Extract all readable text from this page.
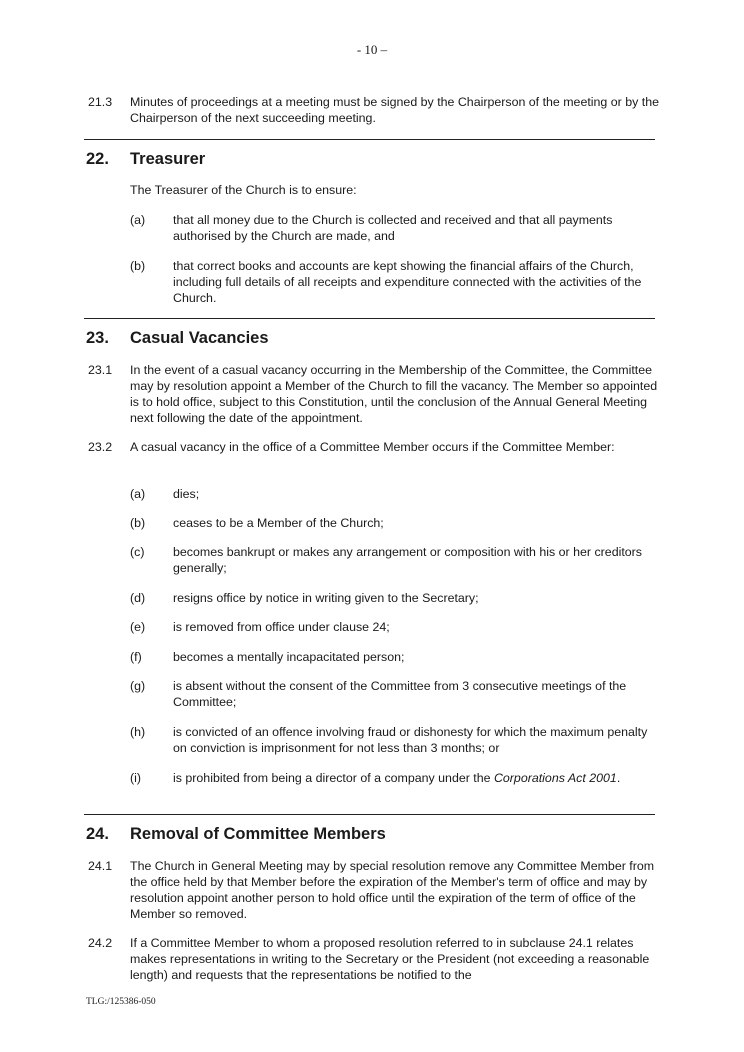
- 10 –
21.3 Minutes of proceedings at a meeting must be signed by the Chairperson of the meeting or by the Chairperson of the next succeeding meeting.
22. Treasurer
The Treasurer of the Church is to ensure:
(a) that all money due to the Church is collected and received and that all payments authorised by the Church are made, and
(b) that correct books and accounts are kept showing the financial affairs of the Church, including full details of all receipts and expenditure connected with the activities of the Church.
23. Casual Vacancies
23.1 In the event of a casual vacancy occurring in the Membership of the Committee, the Committee may by resolution appoint a Member of the Church to fill the vacancy. The Member so appointed is to hold office, subject to this Constitution, until the conclusion of the Annual General Meeting next following the date of the appointment.
23.2 A casual vacancy in the office of a Committee Member occurs if the Committee Member:
(a) dies;
(b) ceases to be a Member of the Church;
(c) becomes bankrupt or makes any arrangement or composition with his or her creditors generally;
(d) resigns office by notice in writing given to the Secretary;
(e) is removed from office under clause 24;
(f)	becomes a mentally incapacitated person;
(g) is absent without the consent of the Committee from 3 consecutive meetings of the Committee;
(h) is convicted of an offence involving fraud or dishonesty for which the maximum penalty on conviction is imprisonment for not less than 3 months; or
(i)	is prohibited from being a director of a company under the Corporations Act 2001.
24. Removal of Committee Members
24.1 The Church in General Meeting may by special resolution remove any Committee Member from the office held by that Member before the expiration of the Member's term of office and may by resolution appoint another person to hold office until the expiration of the term of office of the Member so removed.
24.2 If a Committee Member to whom a proposed resolution referred to in subclause 24.1 relates makes representations in writing to the Secretary or the President (not exceeding a reasonable length) and requests that the representations be notified to the
TLG:/125386-050
